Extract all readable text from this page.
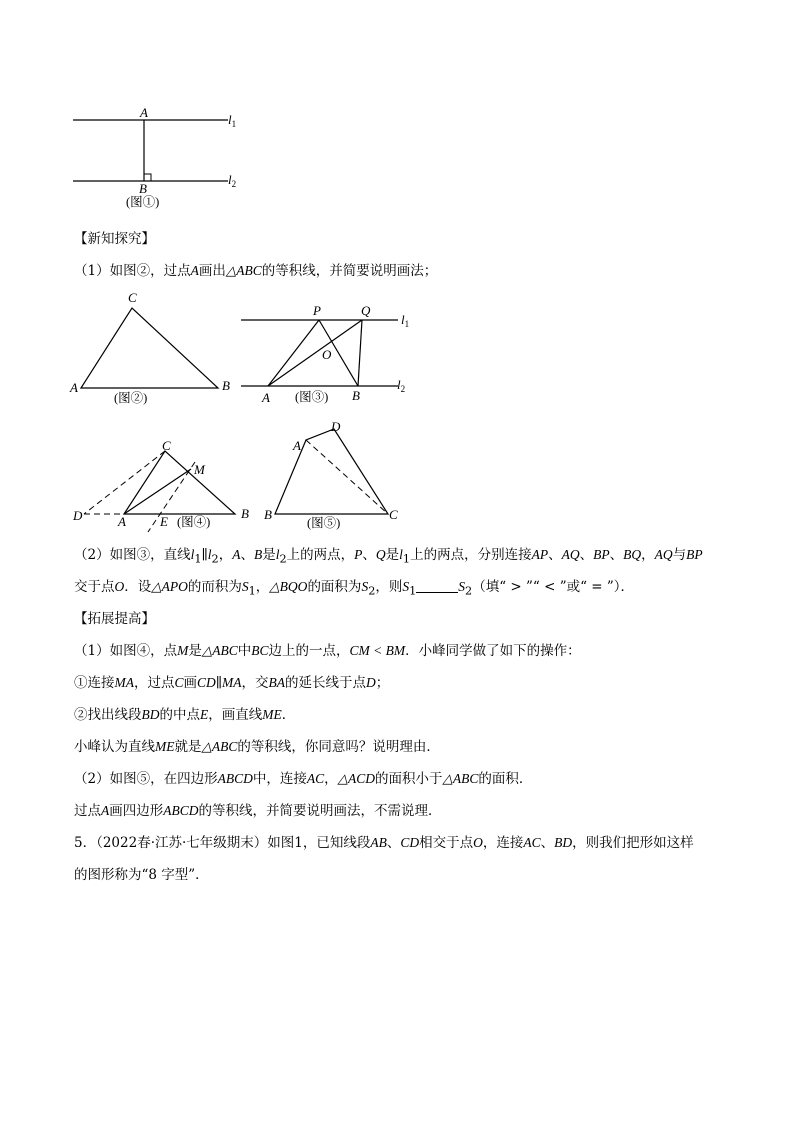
A
B
$l_1$
$l_2$
(图①)
【新知探究】
（1）如图②，过点A画出△ABC的等积线，并简要说明画法；
C
A	B
(图②)
P	Q
O
$l_1$
$l_2$
A	B
(图③)
C
M
D	A	E (图④)
B
A
D
B	C
(图⑤)
（2）如图③，直线$l_1\parallel l_2$，A、B是$l_2$上的两点，P、Q是$l_1$上的两点，分别连接AP、AQ、BP、BQ，AQ与BP
交于点O．设△APO的而积为$S_1$，△BQO的面积为$S_2$，则$S_1$	$S_2$（填“ > ”“ < ”或“ = ”）．
【拓展提高】
（1）如图④，点M是△ABC中BC边上的一点，CM < BM．小峰同学做了如下的操作：
①连接MA，过点C画CD∥MA，交BA的延长线于点D；
②找出线段BD的中点E，画直线ME．
小峰认为直线ME就是△ABC的等积线，你同意吗？说明理由．
（2）如图⑤，在四边形ABCD中，连接AC，△ACD的面积小于△ABC的面积．
过点A画四边形ABCD的等积线，并简要说明画法，不需说理．
5．（2022春·江苏·七年级期末）如图1，已知线段AB、CD相交于点O，连接AC、BD，则我们把形如这样
的图形称为“8 字型”．
